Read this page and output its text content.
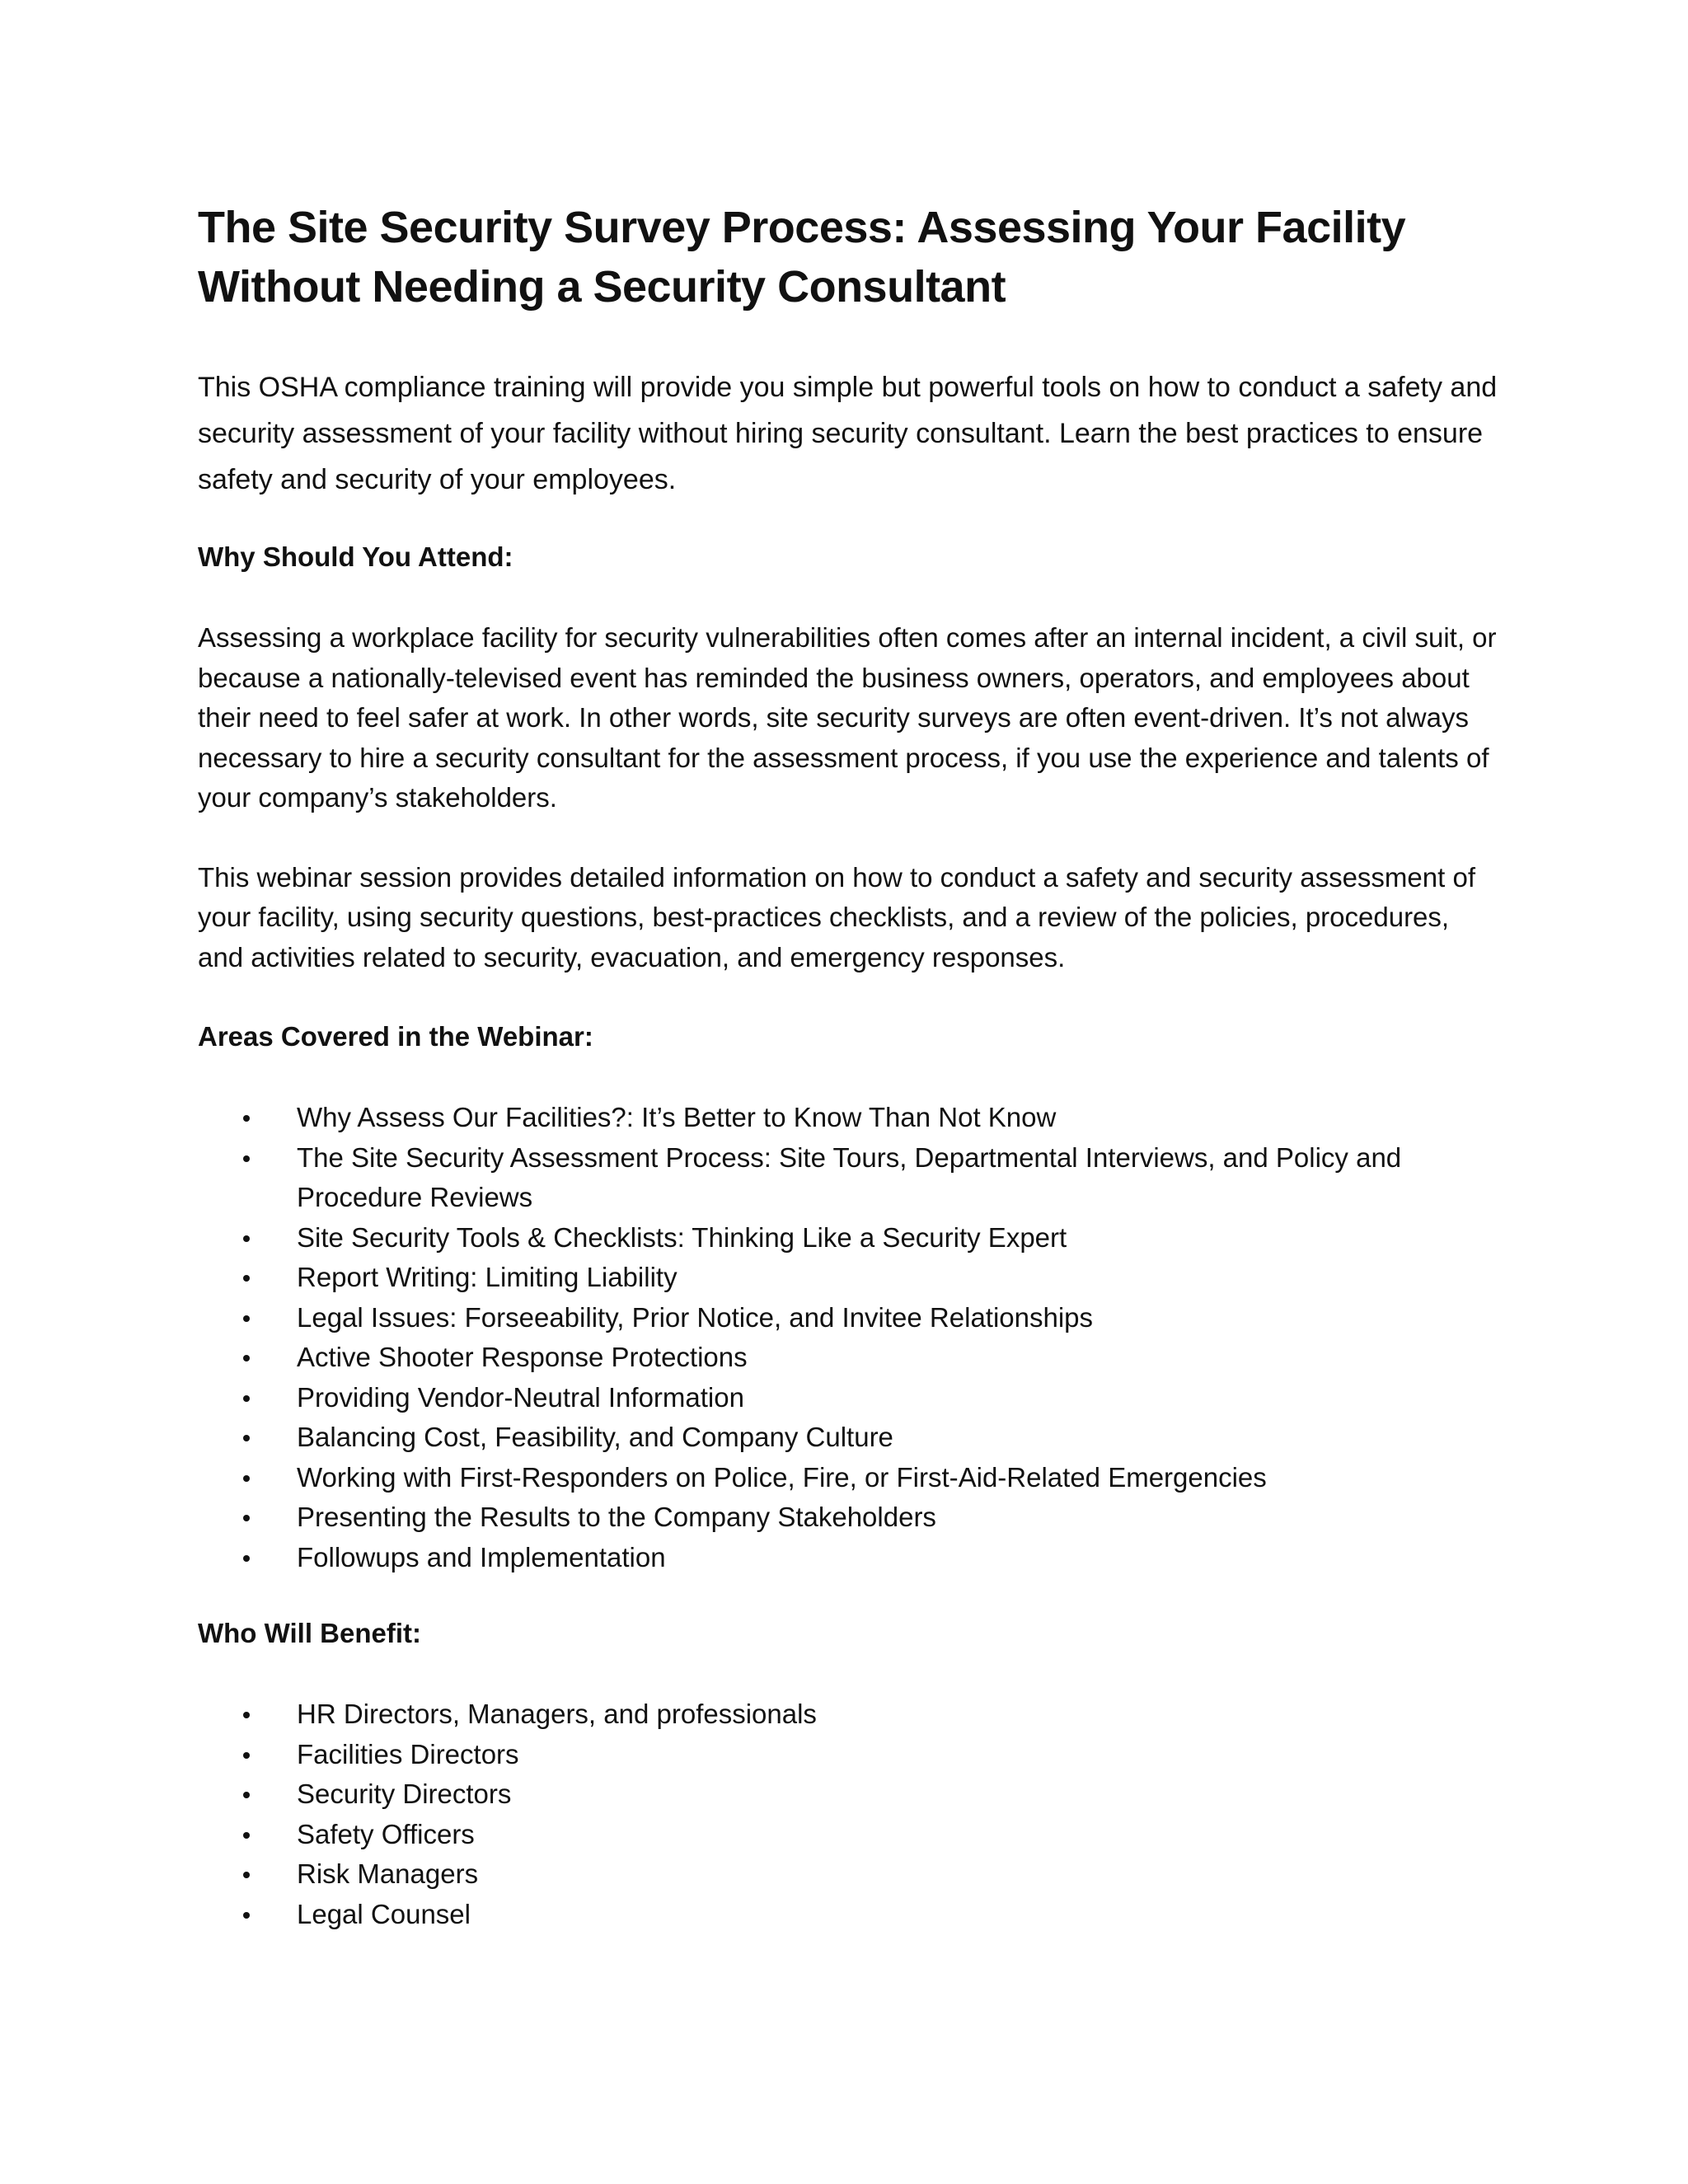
The Site Security Survey Process: Assessing Your Facility
Without Needing a Security Consultant

This OSHA compliance training will provide you simple but powerful tools on how to conduct a safety and security assessment of your facility without hiring security consultant. Learn the best practices to ensure safety and security of your employees.

Why Should You Attend:

Assessing a workplace facility for security vulnerabilities often comes after an internal incident, a civil suit, or because a nationally-televised event has reminded the business owners, operators, and employees about their need to feel safer at work. In other words, site security surveys are often event-driven. It’s not always necessary to hire a security consultant for the assessment process, if you use the experience and talents of your company’s stakeholders.

This webinar session provides detailed information on how to conduct a safety and security assessment of your facility, using security questions, best-practices checklists, and a review of the policies, procedures, and activities related to security, evacuation, and emergency responses.

Areas Covered in the Webinar:
Why Assess Our Facilities?: It’s Better to Know Than Not Know
The Site Security Assessment Process: Site Tours, Departmental Interviews, and Policy and Procedure Reviews
Site Security Tools & Checklists: Thinking Like a Security Expert
Report Writing: Limiting Liability
Legal Issues: Forseeability, Prior Notice, and Invitee Relationships
Active Shooter Response Protections
Providing Vendor-Neutral Information
Balancing Cost, Feasibility, and Company Culture
Working with First-Responders on Police, Fire, or First-Aid-Related Emergencies
Presenting the Results to the Company Stakeholders
Followups and Implementation
Who Will Benefit:
HR Directors, Managers, and professionals
Facilities Directors
Security Directors
Safety Officers
Risk Managers
Legal Counsel
